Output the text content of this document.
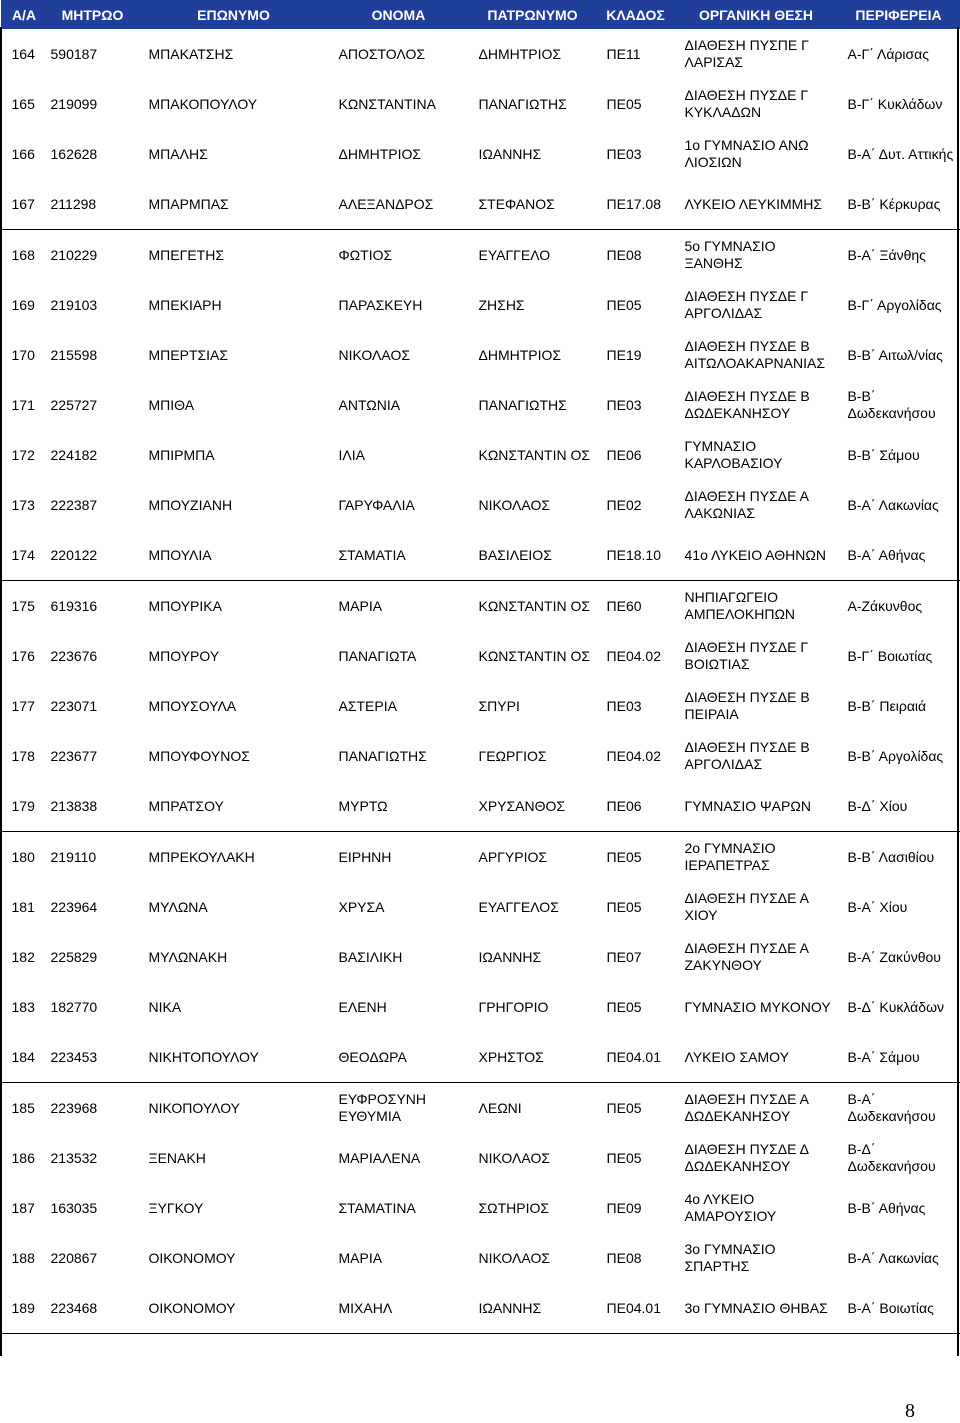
Α/Α	ΜΗΤΡΩΟ	ΕΠΩΝΥΜΟ	ΟΝΟΜΑ	ΠΑΤΡΩΝΥΜΟ	ΚΛΑΔΟΣ	ΟΡΓΑΝΙΚΗ ΘΕΣΗ	ΠΕΡΙΦΕΡΕΙΑ
164	590187	ΜΠΑΚΑΤΣΗΣ	ΑΠΟΣΤΟΛΟΣ	ΔΗΜΗΤΡΙΟΣ	ΠΕ11	ΔΙΑΘΕΣΗ ΠΥΣΠΕ Γ ΛΑΡΙΣΑΣ	Α-Γ΄ Λάρισας
165	219099	ΜΠΑΚΟΠΟΥΛΟΥ	ΚΩΝΣΤΑΝΤΙΝΑ	ΠΑΝΑΓΙΩΤΗΣ	ΠΕ05	ΔΙΑΘΕΣΗ ΠΥΣΔΕ Γ ΚΥΚΛΑΔΩΝ	Β-Γ΄ Κυκλάδων
166	162628	ΜΠΑΛΗΣ	ΔΗΜΗΤΡΙΟΣ	ΙΩΑΝΝΗΣ	ΠΕ03	1ο ΓΥΜΝΑΣΙΟ ΑΝΩ ΛΙΟΣΙΩΝ	Β-Α΄ Δυτ. Αττικής
167	211298	ΜΠΑΡΜΠΑΣ	ΑΛΕΞΑΝΔΡΟΣ	ΣΤΕΦΑΝΟΣ	ΠΕ17.08	ΛΥΚΕΙΟ ΛΕΥΚΙΜΜΗΣ	Β-Β΄ Κέρκυρας
168	210229	ΜΠΕΓΕΤΗΣ	ΦΩΤΙΟΣ	ΕΥΑΓΓΕΛΟ	ΠΕ08	5ο ΓΥΜΝΑΣΙΟ ΞΑΝΘΗΣ	Β-Α΄ Ξάνθης
169	219103	ΜΠΕΚΙΑΡΗ	ΠΑΡΑΣΚΕΥΗ	ΖΗΣΗΣ	ΠΕ05	ΔΙΑΘΕΣΗ ΠΥΣΔΕ Γ ΑΡΓΟΛΙΔΑΣ	Β-Γ΄ Αργολίδας
170	215598	ΜΠΕΡΤΣΙΑΣ	ΝΙΚΟΛΑΟΣ	ΔΗΜΗΤΡΙΟΣ	ΠΕ19	ΔΙΑΘΕΣΗ ΠΥΣΔΕ Β ΑΙΤΩΛΟΑΚΑΡΝΑΝΙΑΣ	Β-Β΄ Αιτωλ/νίας
171	225727	ΜΠΙΘΑ	ΑΝΤΩΝΙΑ	ΠΑΝΑΓΙΩΤΗΣ	ΠΕ03	ΔΙΑΘΕΣΗ ΠΥΣΔΕ Β ΔΩΔΕΚΑΝΗΣΟΥ	Β-Β΄ Δωδεκανήσου
172	224182	ΜΠΙΡΜΠΑ	ΙΛΙΑ	ΚΩΝΣΤΑΝΤΙΝ ΟΣ	ΠΕ06	ΓΥΜΝΑΣΙΟ ΚΑΡΛΟΒΑΣΙΟΥ	Β-Β΄ Σάμου
173	222387	ΜΠΟΥΖΙΑΝΗ	ΓΑΡΥΦΑΛΙΑ	ΝΙΚΟΛΑΟΣ	ΠΕ02	ΔΙΑΘΕΣΗ ΠΥΣΔΕ Α ΛΑΚΩΝΙΑΣ	Β-Α΄ Λακωνίας
174	220122	ΜΠΟΥΛΙΑ	ΣΤΑΜΑΤΙΑ	ΒΑΣΙΛΕΙΟΣ	ΠΕ18.10	41ο ΛΥΚΕΙΟ ΑΘΗΝΩΝ	Β-Α΄ Αθήνας
175	619316	ΜΠΟΥΡΙΚΑ	ΜΑΡΙΑ	ΚΩΝΣΤΑΝΤΙΝ ΟΣ	ΠΕ60	ΝΗΠΙΑΓΩΓΕΙΟ ΑΜΠΕΛΟΚΗΠΩΝ	Α-Ζάκυνθος
176	223676	ΜΠΟΥΡΟΥ	ΠΑΝΑΓΙΩΤΑ	ΚΩΝΣΤΑΝΤΙΝ ΟΣ	ΠΕ04.02	ΔΙΑΘΕΣΗ ΠΥΣΔΕ Γ ΒΟΙΩΤΙΑΣ	Β-Γ΄ Βοιωτίας
177	223071	ΜΠΟΥΣΟΥΛΑ	ΑΣΤΕΡΙΑ	ΣΠΥΡΙ	ΠΕ03	ΔΙΑΘΕΣΗ ΠΥΣΔΕ Β ΠΕΙΡΑΙΑ	Β-Β΄ Πειραιά
178	223677	ΜΠΟΥΦΟΥΝΟΣ	ΠΑΝΑΓΙΩΤΗΣ	ΓΕΩΡΓΙΟΣ	ΠΕ04.02	ΔΙΑΘΕΣΗ ΠΥΣΔΕ Β ΑΡΓΟΛΙΔΑΣ	Β-Β΄ Αργολίδας
179	213838	ΜΠΡΑΤΣΟΥ	ΜΥΡΤΩ	ΧΡΥΣΑΝΘΟΣ	ΠΕ06	ΓΥΜΝΑΣΙΟ ΨΑΡΩΝ	Β-Δ΄ Χίου
180	219110	ΜΠΡΕΚΟΥΛΑΚΗ	ΕΙΡΗΝΗ	ΑΡΓΥΡΙΟΣ	ΠΕ05	2ο ΓΥΜΝΑΣΙΟ ΙΕΡΑΠΕΤΡΑΣ	Β-Β΄ Λασιθίου
181	223964	ΜΥΛΩΝΑ	ΧΡΥΣΑ	ΕΥΑΓΓΕΛΟΣ	ΠΕ05	ΔΙΑΘΕΣΗ ΠΥΣΔΕ Α ΧΙΟΥ	Β-Α΄ Χίου
182	225829	ΜΥΛΩΝΑΚΗ	ΒΑΣΙΛΙΚΗ	ΙΩΑΝΝΗΣ	ΠΕ07	ΔΙΑΘΕΣΗ ΠΥΣΔΕ Α ΖΑΚΥΝΘΟΥ	Β-Α΄ Ζακύνθου
183	182770	ΝΙΚΑ	ΕΛΕΝΗ	ΓΡΗΓΟΡΙΟ	ΠΕ05	ΓΥΜΝΑΣΙΟ ΜΥΚΟΝΟΥ	Β-Δ΄ Κυκλάδων
184	223453	ΝΙΚΗΤΟΠΟΥΛΟΥ	ΘΕΟΔΩΡΑ	ΧΡΗΣΤΟΣ	ΠΕ04.01	ΛΥΚΕΙΟ ΣΑΜΟΥ	Β-Α΄ Σάμου
185	223968	ΝΙΚΟΠΟΥΛΟΥ	ΕΥΦΡΟΣΥΝΗ ΕΥΘΥΜΙΑ	ΛΕΩΝΙ	ΠΕ05	ΔΙΑΘΕΣΗ ΠΥΣΔΕ Α ΔΩΔΕΚΑΝΗΣΟΥ	Β-Α΄ Δωδεκανήσου
186	213532	ΞΕΝΑΚΗ	ΜΑΡΙΑΛΕΝΑ	ΝΙΚΟΛΑΟΣ	ΠΕ05	ΔΙΑΘΕΣΗ ΠΥΣΔΕ Δ ΔΩΔΕΚΑΝΗΣΟΥ	Β-Δ΄ Δωδεκανήσου
187	163035	ΞΥΓΚΟΥ	ΣΤΑΜΑΤΙΝΑ	ΣΩΤΗΡΙΟΣ	ΠΕ09	4ο ΛΥΚΕΙΟ ΑΜΑΡΟΥΣΙΟΥ	Β-Β΄ Αθήνας
188	220867	ΟΙΚΟΝΟΜΟΥ	ΜΑΡΙΑ	ΝΙΚΟΛΑΟΣ	ΠΕ08	3ο ΓΥΜΝΑΣΙΟ ΣΠΑΡΤΗΣ	Β-Α΄ Λακωνίας
189	223468	ΟΙΚΟΝΟΜΟΥ	ΜΙΧΑΗΛ	ΙΩΑΝΝΗΣ	ΠΕ04.01	3ο ΓΥΜΝΑΣΙΟ ΘΗΒΑΣ	Β-Α΄ Βοιωτίας
8
